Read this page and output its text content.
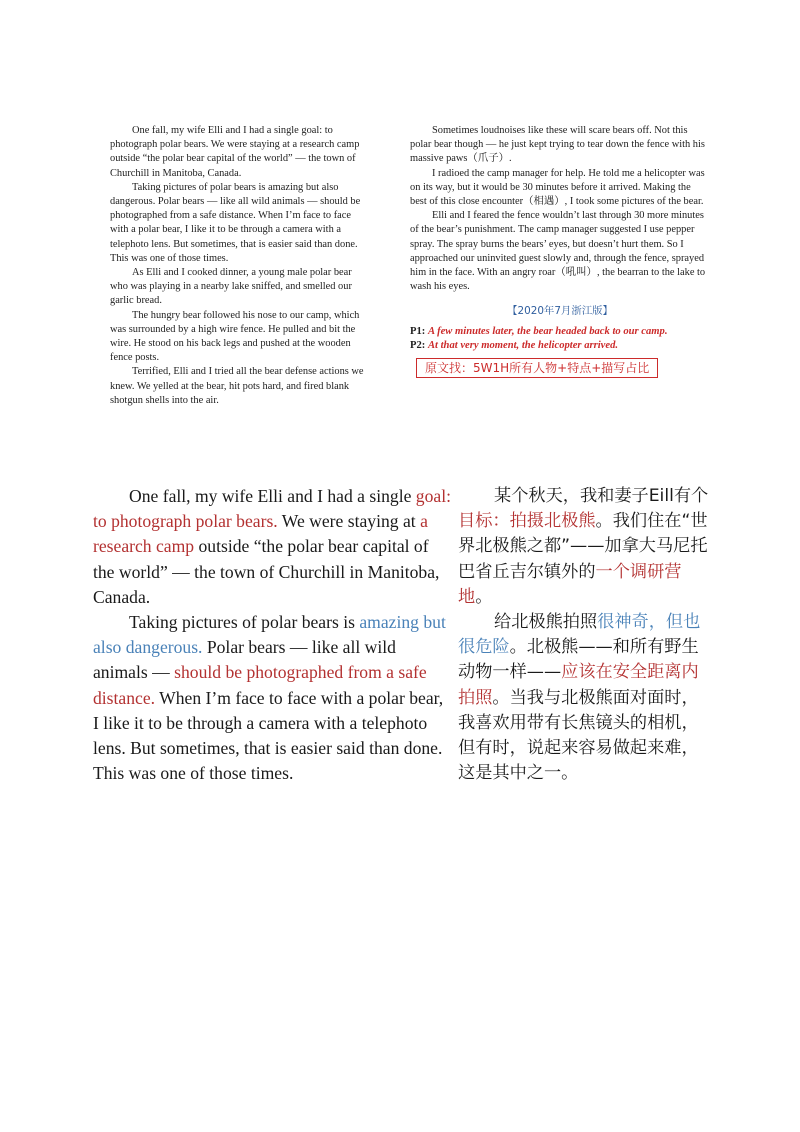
One fall, my wife Elli and I had a single goal: to photograph polar bears. We were staying at a research camp outside “the polar bear capital of the world” — the town of Churchill in Manitoba, Canada.

Taking pictures of polar bears is amazing but also dangerous. Polar bears — like all wild animals — should be photographed from a safe distance. When I’m face to face with a polar bear, I like it to be through a camera with a telephoto lens. But sometimes, that is easier said than done. This was one of those times.

As Elli and I cooked dinner, a young male polar bear who was playing in a nearby lake sniffed, and smelled our garlic bread.

The hungry bear followed his nose to our camp, which was surrounded by a high wire fence. He pulled and bit the wire. He stood on his back legs and pushed at the wooden fence posts.

Terrified, Elli and I tried all the bear defense actions we knew. We yelled at the bear, hit pots hard, and fired blank shotgun shells into the air.

Sometimes loudnoises like these will scare bears off. Not this polar bear though — he just kept trying to tear down the fence with his massive paws（爪子）.

I radioed the camp manager for help. He told me a helicopter was on its way, but it would be 30 minutes before it arrived. Making the best of this close encounter（相遇）, I took some pictures of the bear.

Elli and I feared the fence wouldn’t last through 30 more minutes of the bear’s punishment. The camp manager suggested I use pepper spray. The spray burns the bears’ eyes, but doesn’t hurt them. So I approached our uninvited guest slowly and, through the fence, sprayed him in the face. With an angry roar（吼叫）, the bearran to the lake to wash his eyes.

【2020年7月浙江版】

P1: A few minutes later, the bear headed back to our camp.

P2: At that very moment, the helicopter arrived.

原文找：5W1H所有人物+特点+描写占比

One fall, my wife Elli and I had a single goal: to photograph polar bears. We were staying at a research camp outside “the polar bear capital of the world” — the town of Churchill in Manitoba, Canada.

Taking pictures of polar bears is amazing but also dangerous. Polar bears — like all wild animals — should be photographed from a safe distance. When I’m face to face with a polar bear, I like it to be through a camera with a telephoto lens. But sometimes, that is easier said than done. This was one of those times.

某个秋天，我和妻子Eill有个目标：拍摄北极熊。我们住在“世界北极熊之都”——加拿大马尼托巴省丘吉尔镇外的一个调研营地。

给北极熊拍照很神奇，但也很危险。北极熊——和所有野生动物一样——应该在安全距离内拍照。当我与北极熊面对面时，我喜欢用带有长焦镜头的相机，但有时，说起来容易做起来难，这是其中之一。
